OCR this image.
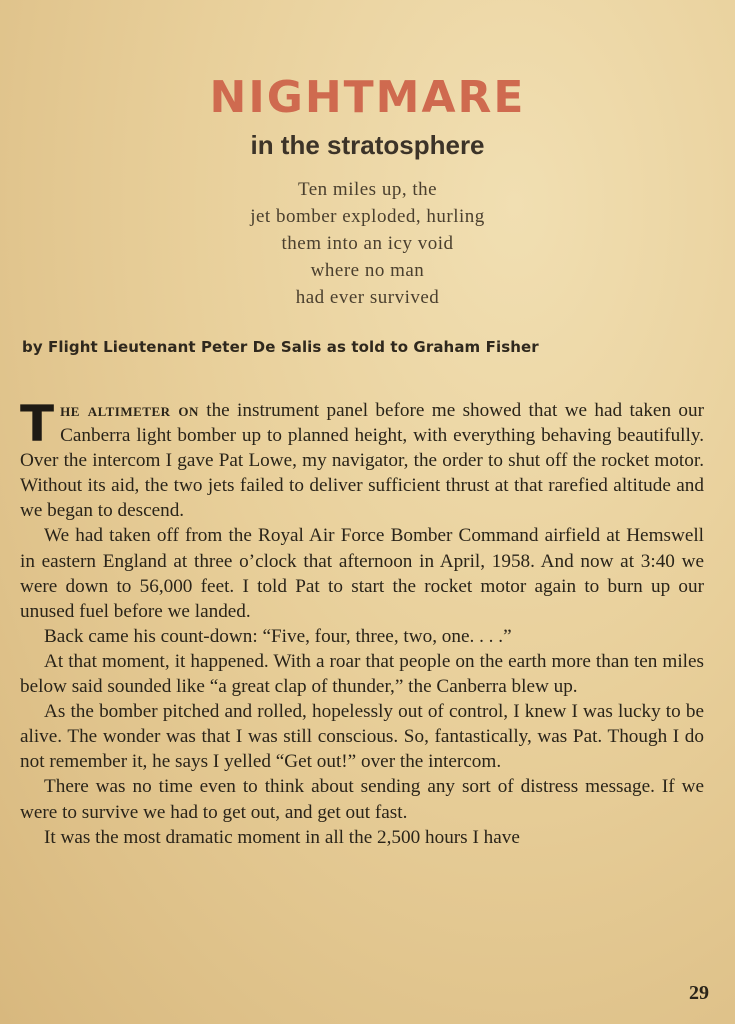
NIGHTMARE
in the stratosphere
Ten miles up, the
jet bomber exploded, hurling
them into an icy void
where no man
had ever survived
by Flight Lieutenant Peter De Salis as told to Graham Fisher

The altimeter on the instrument panel before me showed that we had taken our Canberra light bomber up to planned height, with everything behaving beautifully. Over the intercom I gave Pat Lowe, my navigator, the order to shut off the rocket motor. Without its aid, the two jets failed to deliver sufficient thrust at that rarefied altitude and we began to descend.

We had taken off from the Royal Air Force Bomber Command airfield at Hemswell in eastern England at three o’clock that afternoon in April, 1958. And now at 3:40 we were down to 56,000 feet. I told Pat to start the rocket motor again to burn up our unused fuel before we landed.

Back came his count-down: “Five, four, three, two, one. . . .”

At that moment, it happened. With a roar that people on the earth more than ten miles below said sounded like “a great clap of thunder,” the Canberra blew up.

As the bomber pitched and rolled, hopelessly out of control, I knew I was lucky to be alive. The wonder was that I was still conscious. So, fantastically, was Pat. Though I do not remember it, he says I yelled “Get out!” over the intercom.

There was no time even to think about sending any sort of distress message. If we were to survive we had to get out, and get out fast.

It was the most dramatic moment in all the 2,500 hours I have

29
